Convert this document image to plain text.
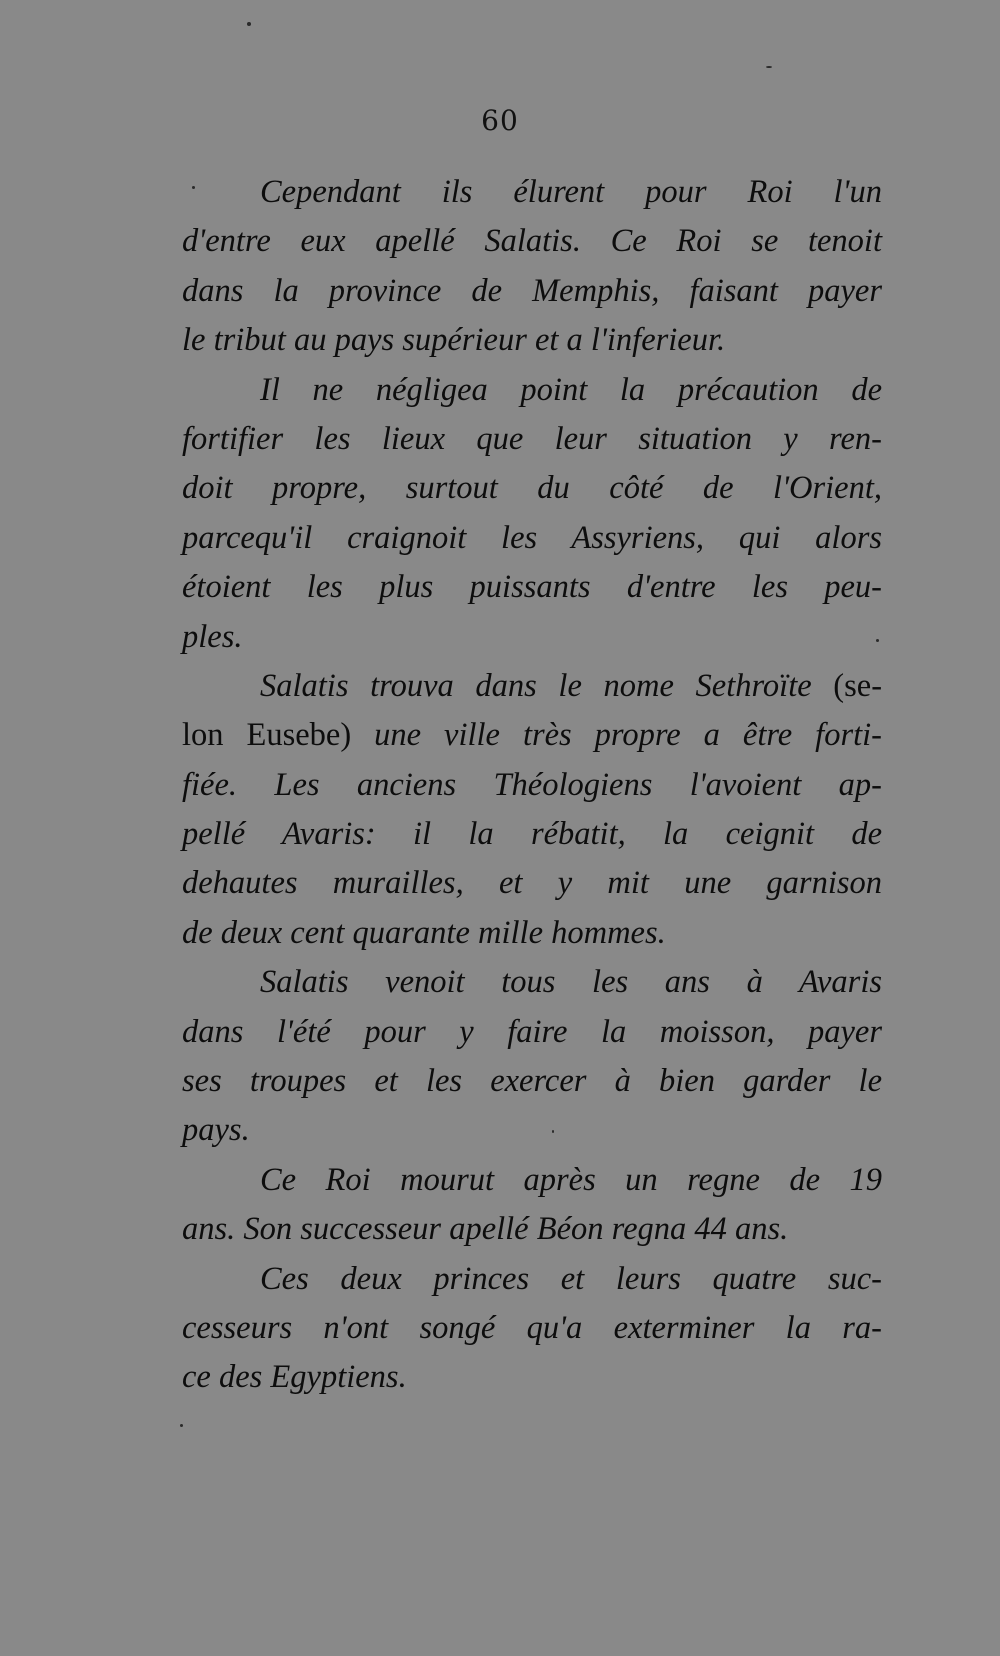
60
Cependant ils élurent pour Roi l'un
d'entre eux apellé Salatis. Ce Roi se tenoit
dans la province de Memphis, faisant payer
le tribut au pays supérieur et a l'inferieur.
Il ne négligea point la précaution de
fortifier les lieux que leur situation y ren-
doit propre, surtout du côté de l'Orient,
parcequ'il craignoit les Assyriens, qui alors
étoient les plus puissants d'entre les peu-
ples.
Salatis trouva dans le nome Sethroïte (se-
lon Eusebe) une ville très propre a être forti-
fiée. Les anciens Théologiens l'avoient ap-
pellé Avaris: il la rébatit, la ceignit de
dehautes murailles, et y mit une garnison
de deux cent quarante mille hommes.
Salatis venoit tous les ans à Avaris
dans l'été pour y faire la moisson, payer
ses troupes et les exercer à bien garder le
pays.
Ce Roi mourut après un regne de 19
ans. Son successeur apellé Béon regna 44 ans.
Ces deux princes et leurs quatre suc-
cesseurs n'ont songé qu'a exterminer la ra-
ce des Egyptiens.
